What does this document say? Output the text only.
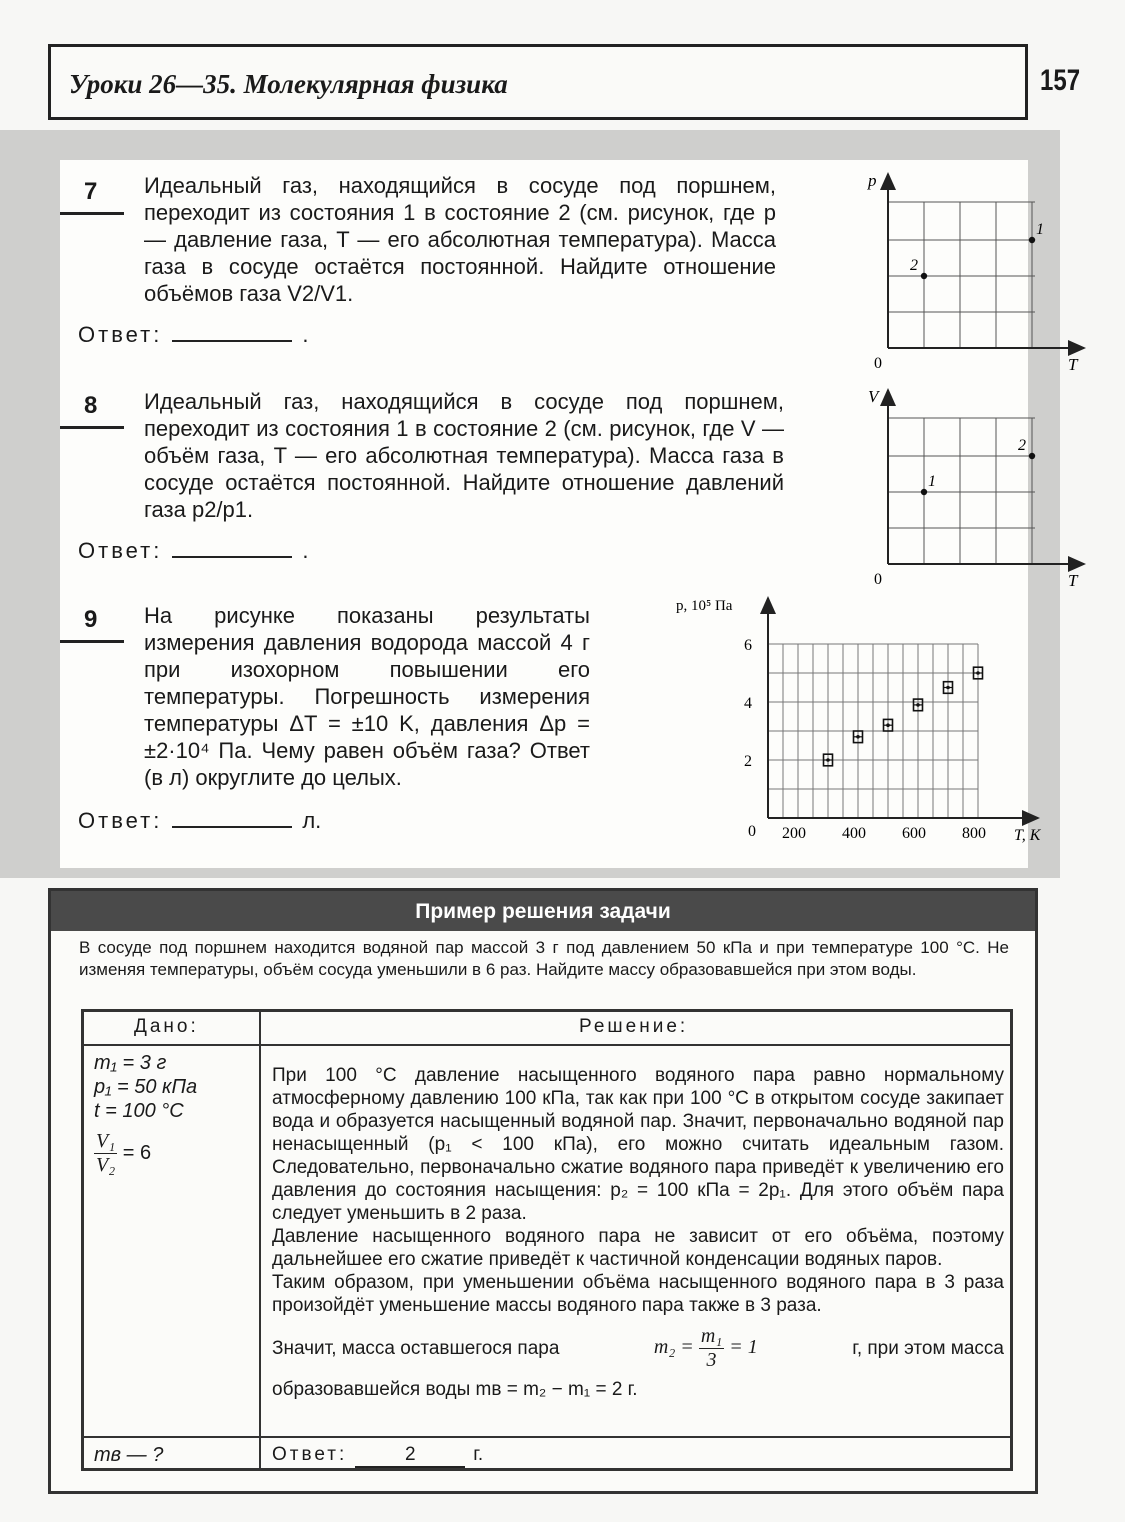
Уроки 26—35. Молекулярная физика	157
7 Идеальный газ, находящийся в сосуде под поршнем, переходит из состояния 1 в состояние 2 (см. рисунок, где p — давление газа, T — его абсолютная температура). Масса газа в сосуде остаётся постоянной. Найдите отношение объёмов газа V2/V1.
Ответ:	.
8 Идеальный газ, находящийся в сосуде под поршнем, переходит из состояния 1 в состояние 2 (см. рисунок, где V — объём газа, T — его абсолютная температура). Масса газа в сосуде остаётся постоянной. Найдите отношение давлений газа p2/p1.
Ответ:	.
9 На рисунке показаны результаты измерения давления водорода массой 4 г при изохорном повышении его температуры. Погрешность измерения температуры ΔT = ±10 K, давления Δp = ±2·10⁴ Па. Чему равен объём газа? Ответ (в л) округлите до целых.
Ответ:	л.
p
T
0
1
2
V
T
0
1
2
p, 10⁵ Па
T, K
0 200 400 600 800
2
4
6
Пример решения задачи
В сосуде под поршнем находится водяной пар массой 3 г под давлением 50 кПа и при температуре 100 °С. Не изменяя температуры, объём сосуда уменьшили в 6 раз. Найдите массу образовавшейся при этом воды.
Дано:	Решение:
m₁ = 3 г
p₁ = 50 кПа
t = 100 °С
$\frac{\text{V₁}}{\text{V₂}} = 6$

При 100 °С давление насыщенного водяного пара равно нормальному атмосферному давлению 100 кПа, так как при 100 °С в открытом сосуде закипает вода и образуется насыщенный водяной пар. Значит, первоначально водяной пар ненасыщенный (p₁ < 100 кПа), его можно считать идеальным газом. Следовательно, первоначально сжатие водяного пара приведёт к увеличению его давления до состояния насыщения: p₂ = 100 кПа = 2p₁. Для этого объём пара следует уменьшить в 2 раза.

Давление насыщенного водяного пара не зависит от его объёма, поэтому дальнейшее его сжатие приведёт к частичной конденсации водяных паров.

Таким образом, при уменьшении объёма насыщенного водяного пара в 3 раза произойдёт уменьшение массы водяного пара также в 3 раза.

Значит, масса оставшегося пара	$m_2 = \frac{\text{m₁}}{3} = 1$	г, при этом масса

образовавшейся воды mв = m₂ − m₁ = 2 г.

mв — ?	Ответ:	2	г.
